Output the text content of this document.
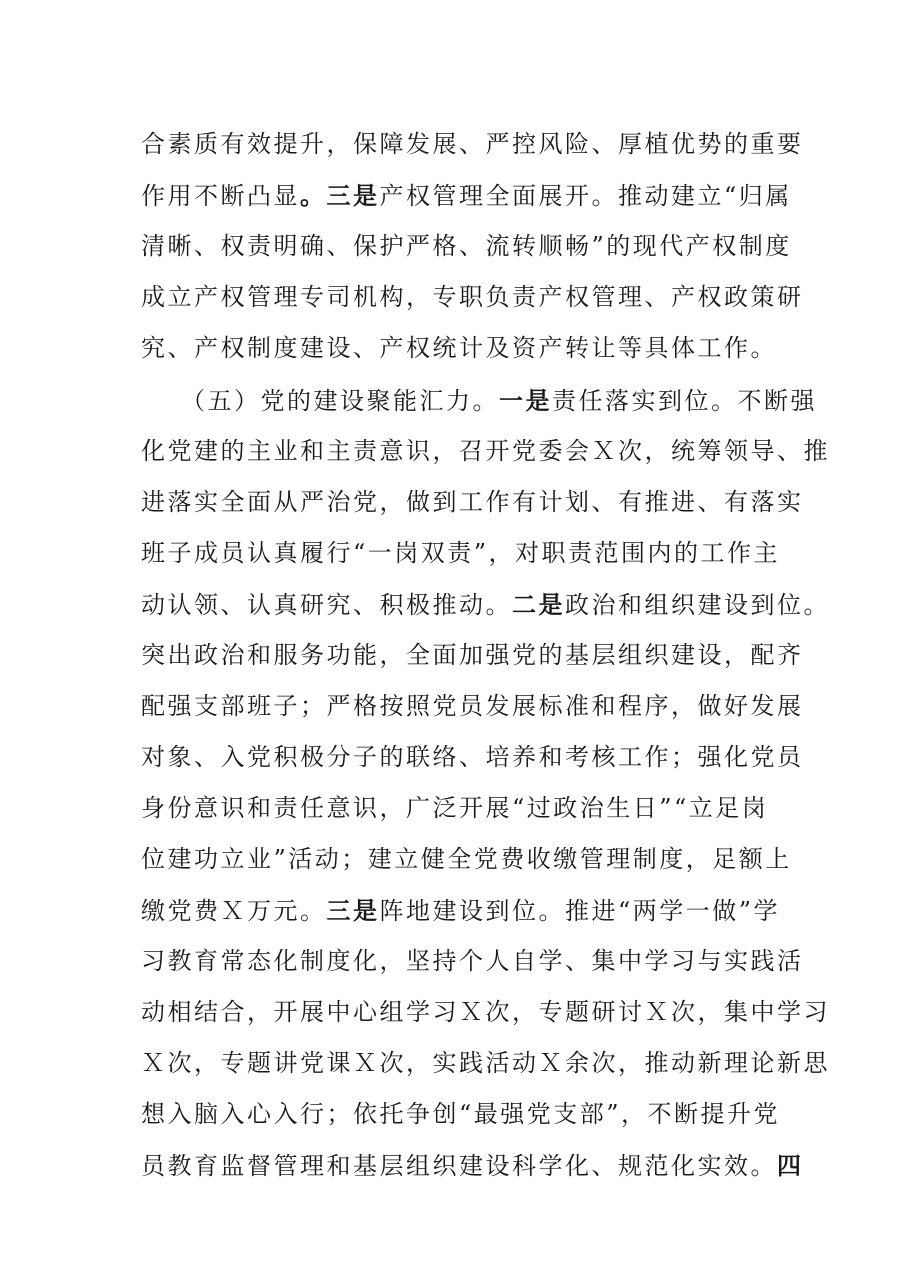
合素质有效提升，保障发展、严控风险、厚植优势的重要
作用不断凸显。三是产权管理全面展开。推动建立“归属
清晰、权责明确、保护严格、流转顺畅”的现代产权制度
成立产权管理专司机构，专职负责产权管理、产权政策研
究、产权制度建设、产权统计及资产转让等具体工作。
（五）党的建设聚能汇力。一是责任落实到位。不断强
化党建的主业和主责意识，召开党委会Ｘ次，统筹领导、推
进落实全面从严治党，做到工作有计划、有推进、有落实
班子成员认真履行“一岗双责”，对职责范围内的工作主
动认领、认真研究、积极推动。二是政治和组织建设到位。
突出政治和服务功能，全面加强党的基层组织建设，配齐
配强支部班子；严格按照党员发展标准和程序，做好发展
对象、入党积极分子的联络、培养和考核工作；强化党员
身份意识和责任意识，广泛开展“过政治生日”“立足岗
位建功立业”活动；建立健全党费收缴管理制度，足额上
缴党费Ｘ万元。三是阵地建设到位。推进“两学一做”学
习教育常态化制度化，坚持个人自学、集中学习与实践活
动相结合，开展中心组学习Ｘ次，专题研讨Ｘ次，集中学习
Ｘ次，专题讲党课Ｘ次，实践活动Ｘ余次，推动新理论新思
想入脑入心入行；依托争创“最强党支部”，不断提升党
员教育监督管理和基层组织建设科学化、规范化实效。四
